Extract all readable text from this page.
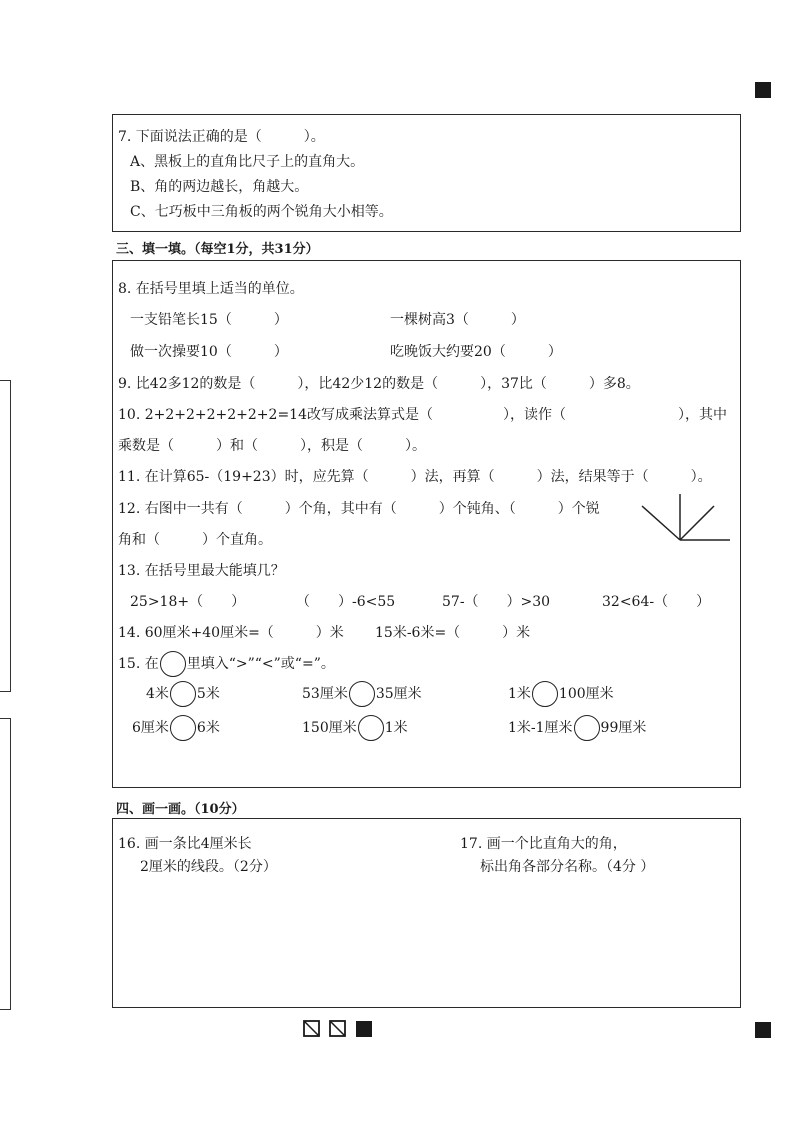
7. 下面说法正确的是（　　　）。
A、黑板上的直角比尺子上的直角大。
B、角的两边越长，角越大。
C、七巧板中三角板的两个锐角大小相等。
三、填一填。（每空1分，共31分）
8. 在括号里填上适当的单位。
一支铅笔长15（　　　）	一棵树高3（　　　）
做一次操要10（　　　）	吃晚饭大约要20（　　　）
9. 比42多12的数是（　　　），比42少12的数是（　　　），37比（　　　）多8。
10. 2+2+2+2+2+2+2=14改写成乘法算式是（　　　　　），读作（　　　　　　　　），其中
乘数是（　　　）和（　　　），积是（　　　）。
11. 在计算65-（19+23）时，应先算（　　　）法，再算（　　　）法，结果等于（　　　）。
12. 右图中一共有（　　　）个角，其中有（　　　）个钝角、（　　　）个锐
角和（　　　）个直角。
13. 在括号里最大能填几？
25>18+（　　）	（　　）-6<55	57-（　　）>30	32<64-（　　）
14. 60厘米+40厘米=（　　　）米 15米-6米=（　　　）米
15. 在 里填入“>”“<”或“=”。
4米 5米	53厘米 35厘米	1米 100厘米
6厘米 6米	150厘米 1米	1米-1厘米 99厘米
四、画一画。（10分）
16. 画一条比4厘米长
2厘米的线段。（2分）
17. 画一个比直角大的角，
标出角各部分名称。（4分 ）
